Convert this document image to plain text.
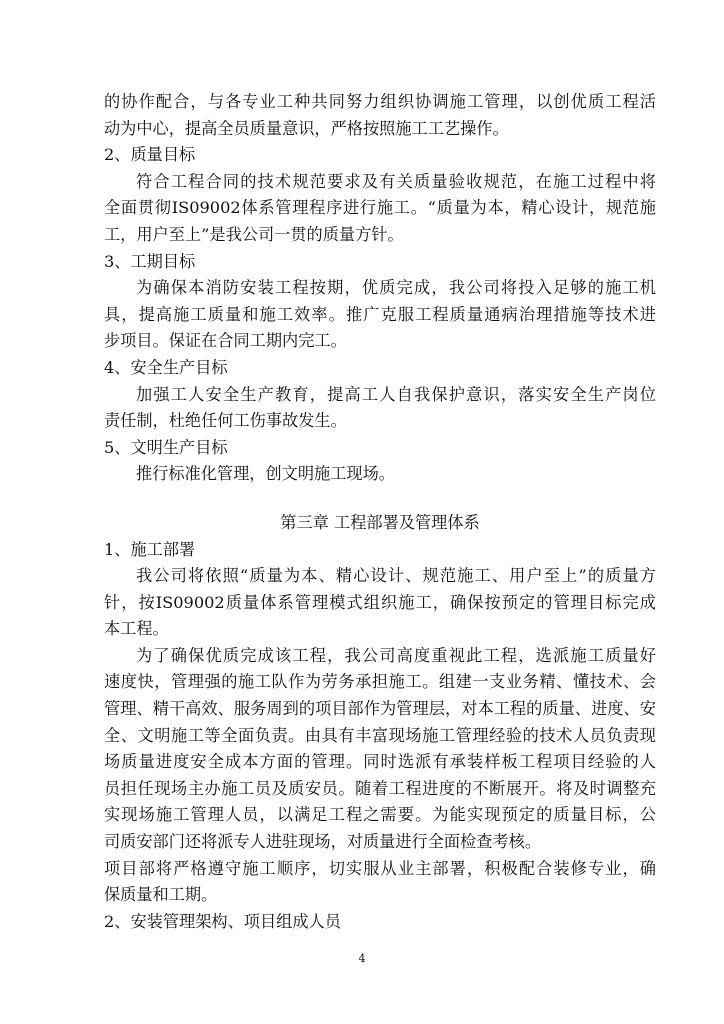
的协作配合，与各专业工种共同努力组织协调施工管理，以创优质工程活
动为中心，提高全员质量意识，严格按照施工工艺操作。
2、质量目标
符合工程合同的技术规范要求及有关质量验收规范，在施工过程中将
全面贯彻IS09002体系管理程序进行施工。“质量为本，精心设计，规范施
工，用户至上”是我公司一贯的质量方针。
3、工期目标
为确保本消防安装工程按期，优质完成，我公司将投入足够的施工机
具，提高施工质量和施工效率。推广克服工程质量通病治理措施等技术进
步项目。保证在合同工期内完工。
4、安全生产目标
加强工人安全生产教育，提高工人自我保护意识，落实安全生产岗位
责任制，杜绝任何工伤事故发生。
5、文明生产目标
推行标准化管理，创文明施工现场。
第三章 工程部署及管理体系
1、施工部署
我公司将依照“质量为本、精心设计、规范施工、用户至上”的质量方
针，按IS09002质量体系管理模式组织施工，确保按预定的管理目标完成
本工程。
为了确保优质完成该工程，我公司高度重视此工程，选派施工质量好
速度快，管理强的施工队作为劳务承担施工。组建一支业务精、懂技术、会
管理、精干高效、服务周到的项目部作为管理层，对本工程的质量、进度、安
全、文明施工等全面负责。由具有丰富现场施工管理经验的技术人员负责现
场质量进度安全成本方面的管理。同时选派有承装样板工程项目经验的人
员担任现场主办施工员及质安员。随着工程进度的不断展开。将及时调整充
实现场施工管理人员，以满足工程之需要。为能实现预定的质量目标，公
司质安部门还将派专人进驻现场，对质量进行全面检查考核。
项目部将严格遵守施工顺序，切实服从业主部署，积极配合装修专业，确
保质量和工期。
2、安装管理架构、项目组成人员
4
